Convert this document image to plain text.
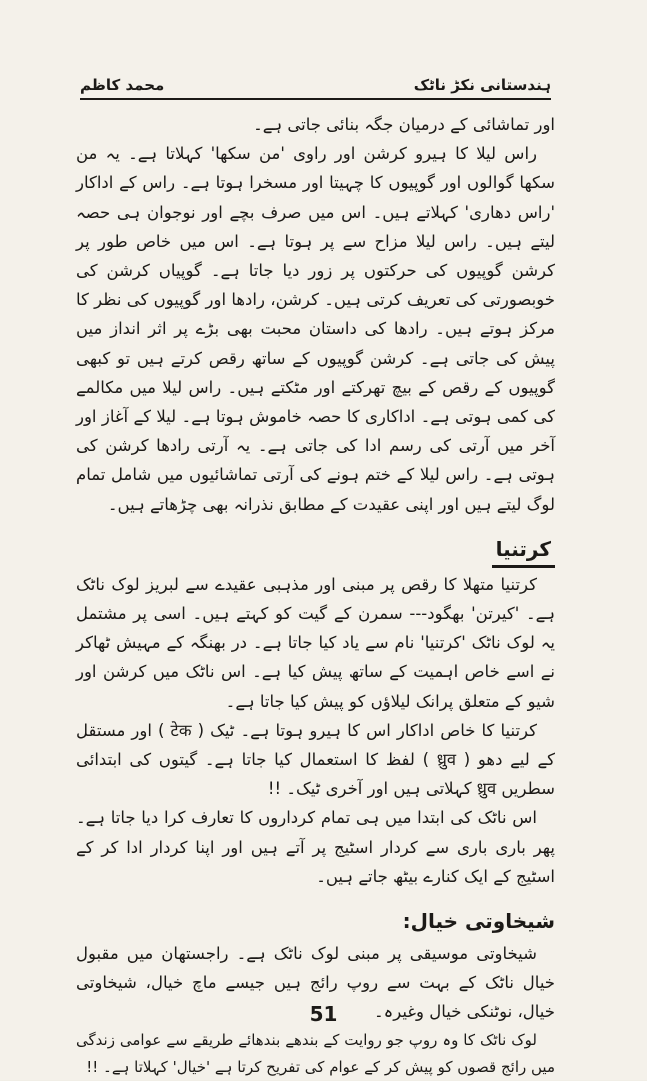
ہندستانی نکڑ ناٹک
محمد کاظم

اور تماشائی کے درمیان جگہ بنائی جاتی ہے۔

راس لیلا کا ہیرو کرشن اور راوی 'من سکھا' کہلاتا ہے۔ یہ من سکھا گوالوں اور گوپیوں کا چہیتا اور مسخرا ہوتا ہے۔ راس کے اداکار 'راس دھاری' کہلاتے ہیں۔ اس میں صرف بچے اور نوجوان ہی حصہ لیتے ہیں۔ راس لیلا مزاح سے پر ہوتا ہے۔ اس میں خاص طور پر کرشن گوپیوں کی حرکتوں پر زور دیا جاتا ہے۔ گوپیاں کرشن کی خوبصورتی کی تعریف کرتی ہیں۔ کرشن، رادھا اور گوپیوں کی نظر کا مرکز ہوتے ہیں۔ رادھا کی داستان محبت بھی بڑے پر اثر انداز میں پیش کی جاتی ہے۔ کرشن گوپیوں کے ساتھ رقص کرتے ہیں تو کبھی گوپیوں کے رقص کے بیچ تھرکتے اور مٹکتے ہیں۔ راس لیلا میں مکالمے کی کمی ہوتی ہے۔ اداکاری کا حصہ خاموش ہوتا ہے۔ لیلا کے آغاز اور آخر میں آرتی کی رسم ادا کی جاتی ہے۔ یہ آرتی رادھا کرشن کی ہوتی ہے۔ راس لیلا کے ختم ہونے کی آرتی تماشائیوں میں شامل تمام لوگ لیتے ہیں اور اپنی عقیدت کے مطابق نذرانہ بھی چڑھاتے ہیں۔

کرتنیا

کرتنیا متھلا کا رقص پر مبنی اور مذہبی عقیدے سے لبریز لوک ناٹک ہے۔ 'کیرتن' بھگود--- سمرن کے گیت کو کہتے ہیں۔ اسی پر مشتمل یہ لوک ناٹک 'کرتنیا' نام سے یاد کیا جاتا ہے۔ در بھنگہ کے مہیش ٹھاکر نے اسے خاص اہمیت کے ساتھ پیش کیا ہے۔ اس ناٹک میں کرشن اور شیو کے متعلق پرانک لیلاؤں کو پیش کیا جاتا ہے۔

کرتنیا کا خاص اداکار اس کا ہیرو ہوتا ہے۔ ٹیک ( टेक ) اور مستقل کے لیے دھو ( ध्रुव ) لفظ کا استعمال کیا جاتا ہے۔ گیتوں کی ابتدائی سطریں ध्रुव کہلاتی ہیں اور آخری ٹیک۔ !!

اس ناٹک کی ابتدا میں ہی تمام کرداروں کا تعارف کرا دیا جاتا ہے۔ پھر باری باری سے کردار اسٹیج پر آتے ہیں اور اپنا کردار ادا کر کے اسٹیج کے ایک کنارے بیٹھ جاتے ہیں۔

شیخاوتی خیال:

شیخاوتی موسیقی پر مبنی لوک ناٹک ہے۔ راجستھان میں مقبول خیال ناٹک کے بہت سے روپ رائج ہیں جیسے ماچ خیال، شیخاوتی خیال، نوٹنکی خیال وغیرہ۔

لوک ناٹک کا وہ روپ جو روایت کے بندھے بندھائے طریقے سے عوامی زندگی میں رائج قصوں کو پیش کر کے عوام کی تفریح کرتا ہے 'خیال' کہلاتا ہے۔ !!

51
